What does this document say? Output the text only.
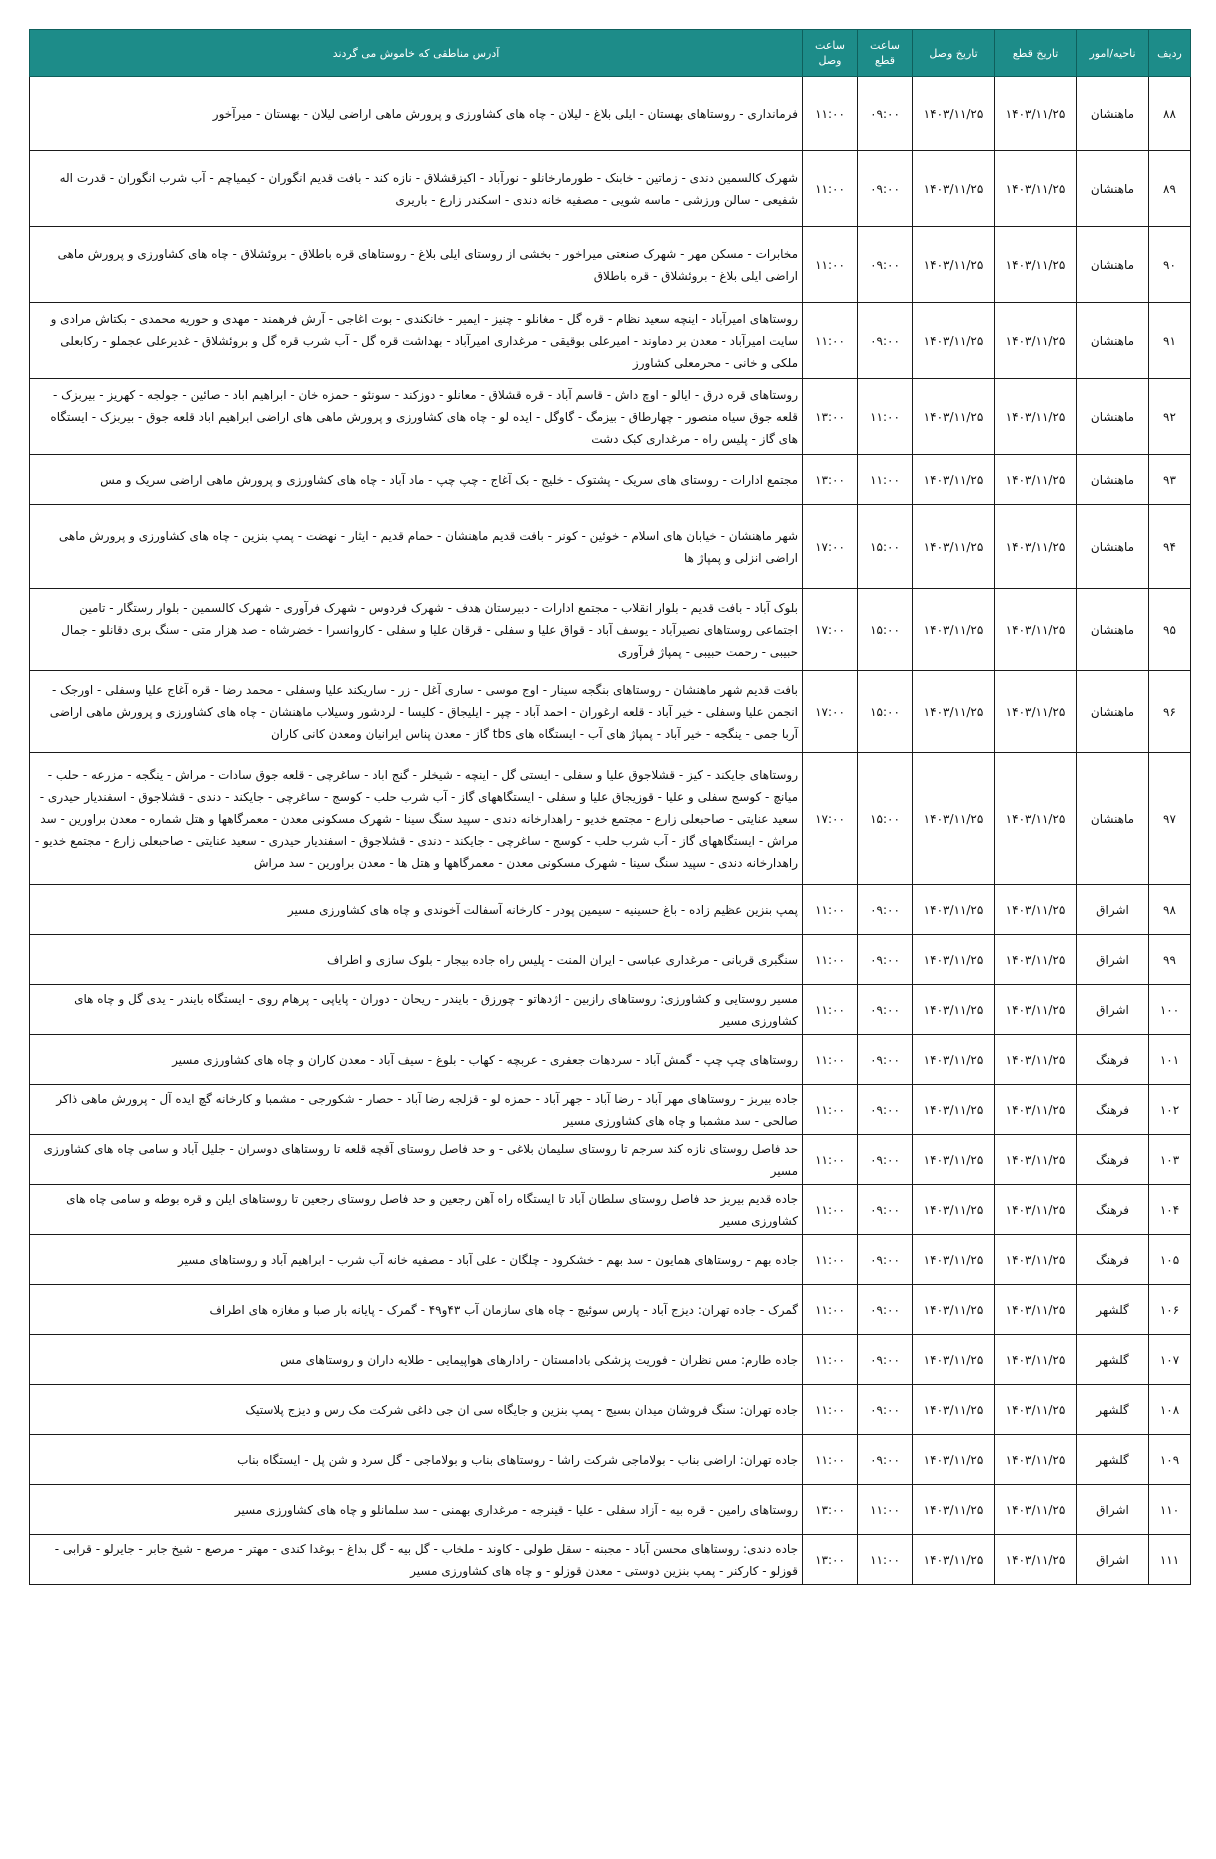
ردیف	ناحیه/امور	تاریخ قطع	تاریخ وصل	ساعت قطع	ساعت وصل	آدرس مناطقی که خاموش می گردند
۸۸	ماهنشان	۱۴۰۳/۱۱/۲۵	۱۴۰۳/۱۱/۲۵	۰۹:۰۰	۱۱:۰۰	فرمانداری - روستاهای بهستان - ایلی بلاغ - لیلان - چاه های کشاورزی و پرورش ماهی اراضی لیلان - بهستان - میرآخور
۸۹	ماهنشان	۱۴۰۳/۱۱/۲۵	۱۴۰۳/۱۱/۲۵	۰۹:۰۰	۱۱:۰۰	شهرک کالسمین دندی - زماتین - خابنک - طورمارخانلو - نورآباد - اکیزقشلاق - نازه کند - بافت قدیم انگوران - کیمیاچم - آب شرب انگوران - قدرت اله شفیعی - سالن ورزشی - ماسه شویی - مصفیه خانه دندی - اسکندر زارع - باریری
۹۰	ماهنشان	۱۴۰۳/۱۱/۲۵	۱۴۰۳/۱۱/۲۵	۰۹:۰۰	۱۱:۰۰	مخابرات - مسکن مهر - شهرک صنعتی میراخور - بخشی از روستای ایلی بلاغ - روستاهای قره باطلاق - بروئشلاق - چاه های کشاورزی و پرورش ماهی اراضی ایلی بلاغ - بروئشلاق - قره باطلاق
۹۱	ماهنشان	۱۴۰۳/۱۱/۲۵	۱۴۰۳/۱۱/۲۵	۰۹:۰۰	۱۱:۰۰	روستاهای امیرآباد - اینچه سعید نظام - قره گل - مغانلو - چنیز - ایمیر - خانکندی - بوت اغاجی - آرش فرهمند - مهدی و حوریه محمدی - بکتاش مرادی و سایت امیرآباد - معدن بر دماوند - امیرعلی بوقیقی - مرغداری امیرآباد - بهداشت قره گل - آب شرب قره گل و بروئشلاق - غدیرعلی عجملو - رکابعلی ملکی و خانی - محرمعلی کشاورز
۹۲	ماهنشان	۱۴۰۳/۱۱/۲۵	۱۴۰۳/۱۱/۲۵	۱۱:۰۰	۱۳:۰۰	روستاهای قره درق - ایالو - اوچ داش - قاسم آباد - قره قشلاق - معانلو - دوزکند - سونئو - حمزه خان - ابراهیم اباد - صائین - جولجه - کهریز - بیربزک - قلعه جوق سیاه منصور - چهارطاق - بیزمگ - گاوگل - ایده لو - چاه های کشاورزی و پرورش ماهی های اراضی ابراهیم اباد قلعه جوق - بیربزک - ایستگاه های گاز - پلیس راه - مرغداری کبک دشت
۹۳	ماهنشان	۱۴۰۳/۱۱/۲۵	۱۴۰۳/۱۱/۲۵	۱۱:۰۰	۱۳:۰۰	مجتمع ادارات - روستای های سریک - پشتوک - خلیج - بک آغاج - چپ چپ - ماد آباد - چاه های کشاورزی و پرورش ماهی اراضی سریک و مس
۹۴	ماهنشان	۱۴۰۳/۱۱/۲۵	۱۴۰۳/۱۱/۲۵	۱۵:۰۰	۱۷:۰۰	شهر ماهنشان - خیابان های اسلام - خوئین - کونر - بافت قدیم ماهنشان - حمام قدیم - ایثار - نهضت - پمپ بنزین - چاه های کشاورزی و پرورش ماهی اراضی انزلی و پمپاژ ها
۹۵	ماهنشان	۱۴۰۳/۱۱/۲۵	۱۴۰۳/۱۱/۲۵	۱۵:۰۰	۱۷:۰۰	بلوک آباد - بافت قدیم - بلوار انقلاب - مجتمع ادارات - دبیرستان هدف - شهرک فردوس - شهرک فرآوری - شهرک کالسمین - بلوار رستگار - تامین اجتماعی روستاهای نصیرآباد - یوسف آباد - قواق علیا و سفلی - قرقان علیا و سفلی - کاروانسرا - خضرشاه - صد هزار متی - سنگ بری دقانلو - جمال حبیبی - رحمت حبیبی - پمپاژ فرآوری
۹۶	ماهنشان	۱۴۰۳/۱۱/۲۵	۱۴۰۳/۱۱/۲۵	۱۵:۰۰	۱۷:۰۰	بافت قدیم شهر ماهنشان - روستاهای بنگجه سینار - اوج موسی - ساری آغل - زر - ساریکند علیا وسفلی - محمد رضا - قره آغاج علیا وسفلی - اورجک - انجمن علیا وسفلی - خیر آباد - قلعه ارغوران - احمد آباد - چپر - ایلیجاق - کلیسا - لردشور وسیلاب ماهنشان - چاه های کشاورزی و پرورش ماهی اراضی آربا جمی - ینگجه - خیر آباد - پمپاژ های آب - ایستگاه های tbs گاز - معدن پناس ایرانیان ومعدن کانی کاران
۹۷	ماهنشان	۱۴۰۳/۱۱/۲۵	۱۴۰۳/۱۱/۲۵	۱۵:۰۰	۱۷:۰۰	روستاهای جایکند - کیز - قشلاجوق علیا و سفلی - ایستی گل - اینچه - شیخلر - گنج اباد - ساغرچی - قلعه جوق سادات - مراش - ینگجه - مزرعه - حلب - میانچ - کوسج سفلی و علیا - قوزیجاق علیا و سفلی - ایستگاههای گاز - آب شرب حلب - کوسج - ساغرچی - جایکند - دندی - قشلاجوق - اسفندیار حیدری - سعید عنایتی - صاحبعلی زارع - مجتمع خدیو - راهدارخانه دندی - سپید سنگ سینا - شهرک مسکونی معدن - معمرگاهها و هتل شماره - معدن براورین - سد مراش - ایستگاههای گاز - آب شرب حلب - کوسج - ساغرچی - جایکند - دندی - قشلاجوق - اسفندیار حیدری - سعید عنایتی - صاحبعلی زارع - مجتمع خدیو - راهدارخانه دندی - سپید سنگ سینا - شهرک مسکونی معدن - معمرگاهها و هتل ها - معدن براورین - سد مراش
۹۸	اشراق	۱۴۰۳/۱۱/۲۵	۱۴۰۳/۱۱/۲۵	۰۹:۰۰	۱۱:۰۰	پمپ بنزین عظیم زاده - باغ حسینیه - سیمین پودر - کارخانه آسفالت آخوندی و چاه های کشاورزی مسیر
۹۹	اشراق	۱۴۰۳/۱۱/۲۵	۱۴۰۳/۱۱/۲۵	۰۹:۰۰	۱۱:۰۰	سنگبری قربانی - مرغداری عباسی - ایران المنت - پلیس راه جاده بیجار - بلوک سازی و اطراف
۱۰۰	اشراق	۱۴۰۳/۱۱/۲۵	۱۴۰۳/۱۱/۲۵	۰۹:۰۰	۱۱:۰۰	مسیر روستایی و کشاورزی: روستاهای رازبین - اژدهاتو - چورزق - بایندر - ریحان - دوران - پایاپی - پرهام روی - ایستگاه بایندر - یدی گل و چاه های کشاورزی مسیر
۱۰۱	فرهنگ	۱۴۰۳/۱۱/۲۵	۱۴۰۳/۱۱/۲۵	۰۹:۰۰	۱۱:۰۰	روستاهای چپ چپ - گمش آباد - سردهات جعفری - عربچه - کهاب - بلوغ - سیف آباد - معدن کاران و چاه های کشاورزی مسیر
۱۰۲	فرهنگ	۱۴۰۳/۱۱/۲۵	۱۴۰۳/۱۱/۲۵	۰۹:۰۰	۱۱:۰۰	جاده بیربز - روستاهای مهر آباد - رضا آباد - جهر آباد - حمزه لو - قزلجه رضا آباد - حصار - شکورجی - مشمبا و کارخانه گچ ایده آل - پرورش ماهی ذاکر صالحی - سد مشمبا و چاه های کشاورزی مسیر
۱۰۳	فرهنگ	۱۴۰۳/۱۱/۲۵	۱۴۰۳/۱۱/۲۵	۰۹:۰۰	۱۱:۰۰	حد فاصل روستای نازه کند سرجم تا روستای سلیمان بلاغی - و حد فاصل روستای آقچه قلعه تا روستاهای دوسران - جلیل آباد و سامی چاه های کشاورزی مسیر
۱۰۴	فرهنگ	۱۴۰۳/۱۱/۲۵	۱۴۰۳/۱۱/۲۵	۰۹:۰۰	۱۱:۰۰	جاده قدیم بیربز حد فاصل روستای سلطان آباد تا ایستگاه راه آهن رجعین و حد فاصل روستای رجعین تا روستاهای ایلن و قره بوطه و سامی چاه های کشاورزی مسیر
۱۰۵	فرهنگ	۱۴۰۳/۱۱/۲۵	۱۴۰۳/۱۱/۲۵	۰۹:۰۰	۱۱:۰۰	جاده بهم - روستاهای همایون - سد بهم - خشکرود - چلگان - علی آباد - مصفیه خانه آب شرب - ابراهیم آباد و روستاهای مسیر
۱۰۶	گلشهر	۱۴۰۳/۱۱/۲۵	۱۴۰۳/۱۱/۲۵	۰۹:۰۰	۱۱:۰۰	گمرک - جاده تهران: دیزج آباد - پارس سوئیچ - چاه های سازمان آب ۴۳و۴۹ - گمرک - پایانه بار صبا و مغازه های اطراف
۱۰۷	گلشهر	۱۴۰۳/۱۱/۲۵	۱۴۰۳/۱۱/۲۵	۰۹:۰۰	۱۱:۰۰	جاده طارم: مس نظران - فوریت پزشکی بادامستان - رادارهای هواپیمایی - طلایه داران و روستاهای مس
۱۰۸	گلشهر	۱۴۰۳/۱۱/۲۵	۱۴۰۳/۱۱/۲۵	۰۹:۰۰	۱۱:۰۰	جاده تهران: سنگ فروشان میدان بسیج - پمپ بنزین و جایگاه سی ان جی داغی شرکت مک رس و دیزج پلاستیک
۱۰۹	گلشهر	۱۴۰۳/۱۱/۲۵	۱۴۰۳/۱۱/۲۵	۰۹:۰۰	۱۱:۰۰	جاده تهران: اراضی بناب - بولاماجی شرکت راشا - روستاهای بناب و بولاماجی - گل سرد و شن پل - ایستگاه بناب
۱۱۰	اشراق	۱۴۰۳/۱۱/۲۵	۱۴۰۳/۱۱/۲۵	۱۱:۰۰	۱۳:۰۰	روستاهای رامین - قره بیه - آزاد سفلی - علیا - قینرجه - مرغداری بهمنی - سد سلمانلو و چاه های کشاورزی مسیر
۱۱۱	اشراق	۱۴۰۳/۱۱/۲۵	۱۴۰۳/۱۱/۲۵	۱۱:۰۰	۱۳:۰۰	جاده دندی: روستاهای محسن آباد - مجبنه - سقل طولی - کاوند - ملخاب - گل بیه - گل بداغ - بوغدا کندی - مهتر - مرصع - شیخ جابر - جایرلو - قرابی - قوزلو - کارکنر - پمپ بنزین دوستی - معدن قوزلو - و چاه های کشاورزی مسیر
